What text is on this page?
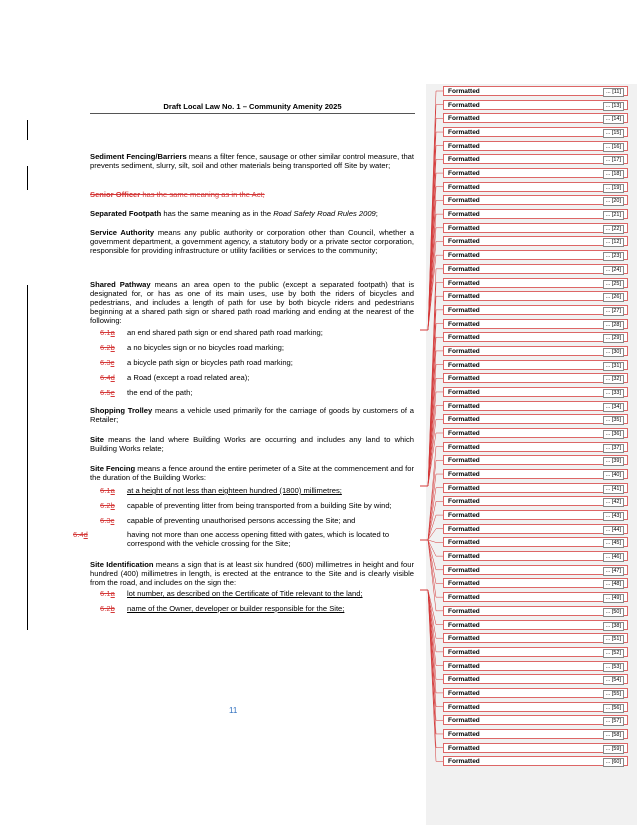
Draft Local Law No. 1 – Community Amenity 2025

Sediment Fencing/Barriers means a filter fence, sausage or other similar control measure, that prevents sediment, slurry, silt, soil and other materials being transported off Site by water;

Senior Officer has the same meaning as in the Act;

Separated Footpath has the same meaning as in the Road Safety Road Rules 2009;

Service Authority means any public authority or corporation other than Council, whether a government department, a government agency, a statutory body or a private sector corporation, responsible for providing infrastructure or utility facilities or services to the community;

Shared Pathway means an area open to the public (except a separated footpath) that is designated for, or has as one of its main uses, use by both the riders of bicycles and pedestrians, and includes a length of path for use by both bicycle riders and pedestrians beginning at a shared path sign or shared path road marking and ending at the nearest of the following:

6.1a an end shared path sign or end shared path road marking;
6.2b a no bicycles sign or no bicycles road marking;
6.3c a bicycle path sign or bicycles path road marking;
6.4d a Road (except a road related area);
6.5e the end of the path;

Shopping Trolley means a vehicle used primarily for the carriage of goods by customers of a Retailer;

Site means the land where Building Works are occurring and includes any land to which Building Works relate;

Site Fencing means a fence around the entire perimeter of a Site at the commencement and for the duration of the Building Works:

6.1a at a height of not less than eighteen hundred (1800) millimetres;
6.2b capable of preventing litter from being transported from a building Site by wind;
6.3c capable of preventing unauthorised persons accessing the Site; and
6.4d	having not more than one access opening fitted with gates, which is located to correspond with the vehicle crossing for the Site;

Site Identification means a sign that is at least six hundred (600) millimetres in height and four hundred (400) millimetres in length, is erected at the entrance to the Site and is clearly visible from the road, and includes on the sign the:

6.1a lot number, as described on the Certificate of Title relevant to the land;
6.2b name of the Owner, developer or builder responsible for the Site;
11
Formatted	... [11]
Formatted	... [13]
Formatted	... [14]
Formatted	... [15]
Formatted	... [16]
Formatted	... [17]
Formatted	... [18]
Formatted	... [19]
Formatted	... [20]
Formatted	... [21]
Formatted	... [22]
Formatted	... [12]
Formatted	... [23]
Formatted	... [24]
Formatted	... [25]
Formatted	... [26]
Formatted	... [27]
Formatted	... [28]
Formatted	... [29]
Formatted	... [30]
Formatted	... [31]
Formatted	... [32]
Formatted	... [33]
Formatted	... [34]
Formatted	... [35]
Formatted	... [36]
Formatted	... [37]
Formatted	... [39]
Formatted	... [40]
Formatted	... [41]
Formatted	... [42]
Formatted	... [43]
Formatted	... [44]
Formatted	... [45]
Formatted	... [46]
Formatted	... [47]
Formatted	... [48]
Formatted	... [49]
Formatted	... [50]
Formatted	... [38]
Formatted	... [51]
Formatted	... [52]
Formatted	... [53]
Formatted	... [54]
Formatted	... [55]
Formatted	... [56]
Formatted	... [57]
Formatted	... [58]
Formatted	... [59]
Formatted	... [60]
